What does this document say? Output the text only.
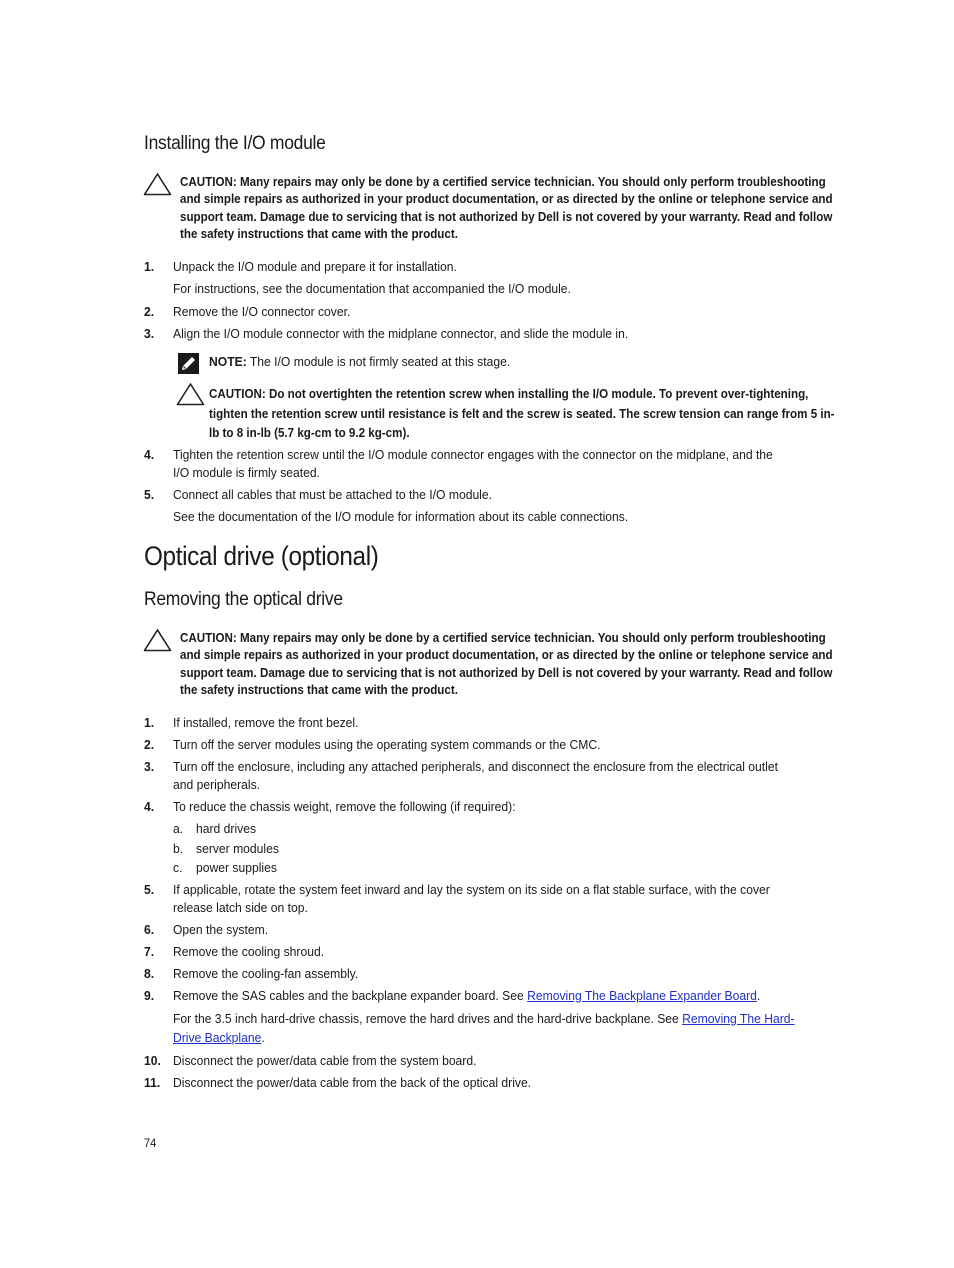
Installing the I/O module
CAUTION: Many repairs may only be done by a certified service technician. You should only perform troubleshooting and simple repairs as authorized in your product documentation, or as directed by the online or telephone service and support team. Damage due to servicing that is not authorized by Dell is not covered by your warranty. Read and follow the safety instructions that came with the product.
1. Unpack the I/O module and prepare it for installation.
For instructions, see the documentation that accompanied the I/O module.
2. Remove the I/O connector cover.
3. Align the I/O module connector with the midplane connector, and slide the module in.
NOTE: The I/O module is not firmly seated at this stage.
CAUTION: Do not overtighten the retention screw when installing the I/O module. To prevent over-tightening, tighten the retention screw until resistance is felt and the screw is seated. The screw tension can range from 5 in-lb to 8 in-lb (5.7 kg-cm to 9.2 kg-cm).
4. Tighten the retention screw until the I/O module connector engages with the connector on the midplane, and the
I/O module is firmly seated.
5. Connect all cables that must be attached to the I/O module.
See the documentation of the I/O module for information about its cable connections.
Optical drive (optional)
Removing the optical drive
CAUTION: Many repairs may only be done by a certified service technician. You should only perform troubleshooting and simple repairs as authorized in your product documentation, or as directed by the online or telephone service and support team. Damage due to servicing that is not authorized by Dell is not covered by your warranty. Read and follow the safety instructions that came with the product.
1. If installed, remove the front bezel.
2. Turn off the server modules using the operating system commands or the CMC.
3. Turn off the enclosure, including any attached peripherals, and disconnect the enclosure from the electrical outlet
and peripherals.
4. To reduce the chassis weight, remove the following (if required):
a. hard drives
b. server modules
c. power supplies
5. If applicable, rotate the system feet inward and lay the system on its side on a flat stable surface, with the cover
release latch side on top.
6. Open the system.
7. Remove the cooling shroud.
8. Remove the cooling-fan assembly.
9. Remove the SAS cables and the backplane expander board. See Removing The Backplane Expander Board.
For the 3.5 inch hard-drive chassis, remove the hard drives and the hard-drive backplane. See Removing The Hard-
Drive Backplane.
10. Disconnect the power/data cable from the system board.
11. Disconnect the power/data cable from the back of the optical drive.
74
